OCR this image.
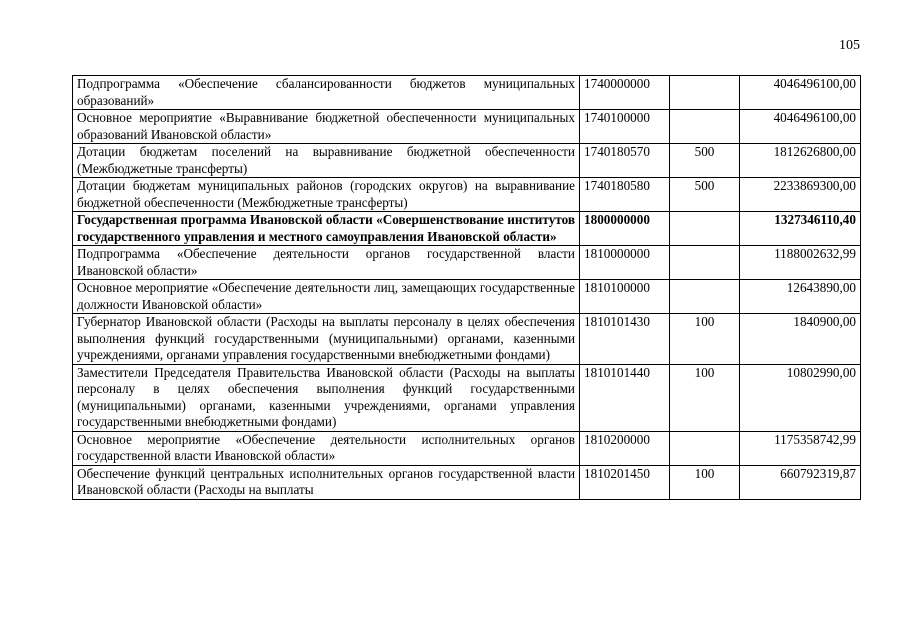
105
Подпрограмма «Обеспечение сбалансированности бюджетов муниципальных образований»	1740000000		4046496100,00
Основное мероприятие «Выравнивание бюджетной обеспеченности муниципальных образований Ивановской области»	1740100000		4046496100,00
Дотации бюджетам поселений на выравнивание бюджетной обеспеченности (Межбюджетные трансферты)	1740180570	500	1812626800,00
Дотации бюджетам муниципальных районов (городских округов) на выравнивание бюджетной обеспеченности (Межбюджетные трансферты)	1740180580	500	2233869300,00
Государственная программа Ивановской области «Совершенствование институтов государственного управления и местного самоуправления Ивановской области»	1800000000		1327346110,40
Подпрограмма «Обеспечение деятельности органов государственной власти Ивановской области»	1810000000		1188002632,99
Основное мероприятие «Обеспечение деятельности лиц, замещающих государственные должности Ивановской области»	1810100000		12643890,00
Губернатор Ивановской области (Расходы на выплаты персоналу в целях обеспечения выполнения функций государственными (муниципальными) органами, казенными учреждениями, органами управления государственными внебюджетными фондами)	1810101430	100	1840900,00
Заместители Председателя Правительства Ивановской области (Расходы на выплаты персоналу в целях обеспечения выполнения функций государственными (муниципальными) органами, казенными учреждениями, органами управления государственными внебюджетными фондами)	1810101440	100	10802990,00
Основное мероприятие «Обеспечение деятельности исполнительных органов государственной власти Ивановской области»	1810200000		1175358742,99
Обеспечение функций центральных исполнительных органов государственной власти Ивановской области (Расходы на выплаты	1810201450	100	660792319,87
